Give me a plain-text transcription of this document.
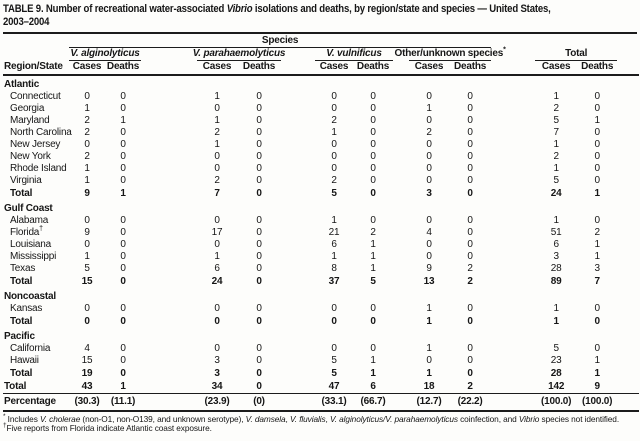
TABLE 9. Number of recreational water-associated Vibrio isolations and deaths, by region/state and species — United States,
2003–2004
Region/State	Species														

	V. alginolyticus			V. parahaemolyticus			V. vulnificus			Other/unknown species*			Total		

	Cases	Deaths		Cases	Deaths		Cases	Deaths		Cases	Deaths		Cases	Deaths	
Atlantic															
Connecticut	0	0		1	0		0	0		0	0		1	0	
Georgia	1	0		0	0		0	0		1	0		2	0	
Maryland	2	1		1	0		2	0		0	0		5	1	
North Carolina	2	0		2	0		1	0		2	0		7	0	
New Jersey	0	0		1	0		0	0		0	0		1	0	
New York	2	0		0	0		0	0		0	0		2	0	
Rhode Island	1	0		0	0		0	0		0	0		1	0	
Virginia	1	0		2	0		2	0		0	0		5	0	
Total	9	1		7	0		5	0		3	0		24	1	
Gulf Coast															
Alabama	0	0		0	0		1	0		0	0		1	0	
Florida†	9	0		17	0		21	2		4	0		51	2	
Louisiana	0	0		0	0		6	1		0	0		6	1	
Mississippi	1	0		1	0		1	1		0	0		3	1	
Texas	5	0		6	0		8	1		9	2		28	3	
Total	15	0		24	0		37	5		13	2		89	7	
Noncoastal															
Kansas	0	0		0	0		0	0		1	0		1	0	
Total	0	0		0	0		0	0		1	0		1	0	
Pacific															
California	4	0		0	0		0	0		1	0		5	0	
Hawaii	15	0		3	0		5	1		0	0		23	1	
Total	19	0		3	0		5	1		1	0		28	1	
Total	43	1		34	0		47	6		18	2		142	9	
Percentage	(30.3)	(11.1)		(23.9)	(0)		(33.1)	(66.7)		(12.7)	(22.2)		(100.0)	(100.0)	
* Includes V. cholerae (non-O1, non-O139, and unknown serotype), V. damsela, V. fluvialis, V. alginolyticus/V. parahaemolyticus coinfection, and Vibrio species not identified.
†Five reports from Florida indicate Atlantic coast exposure.
